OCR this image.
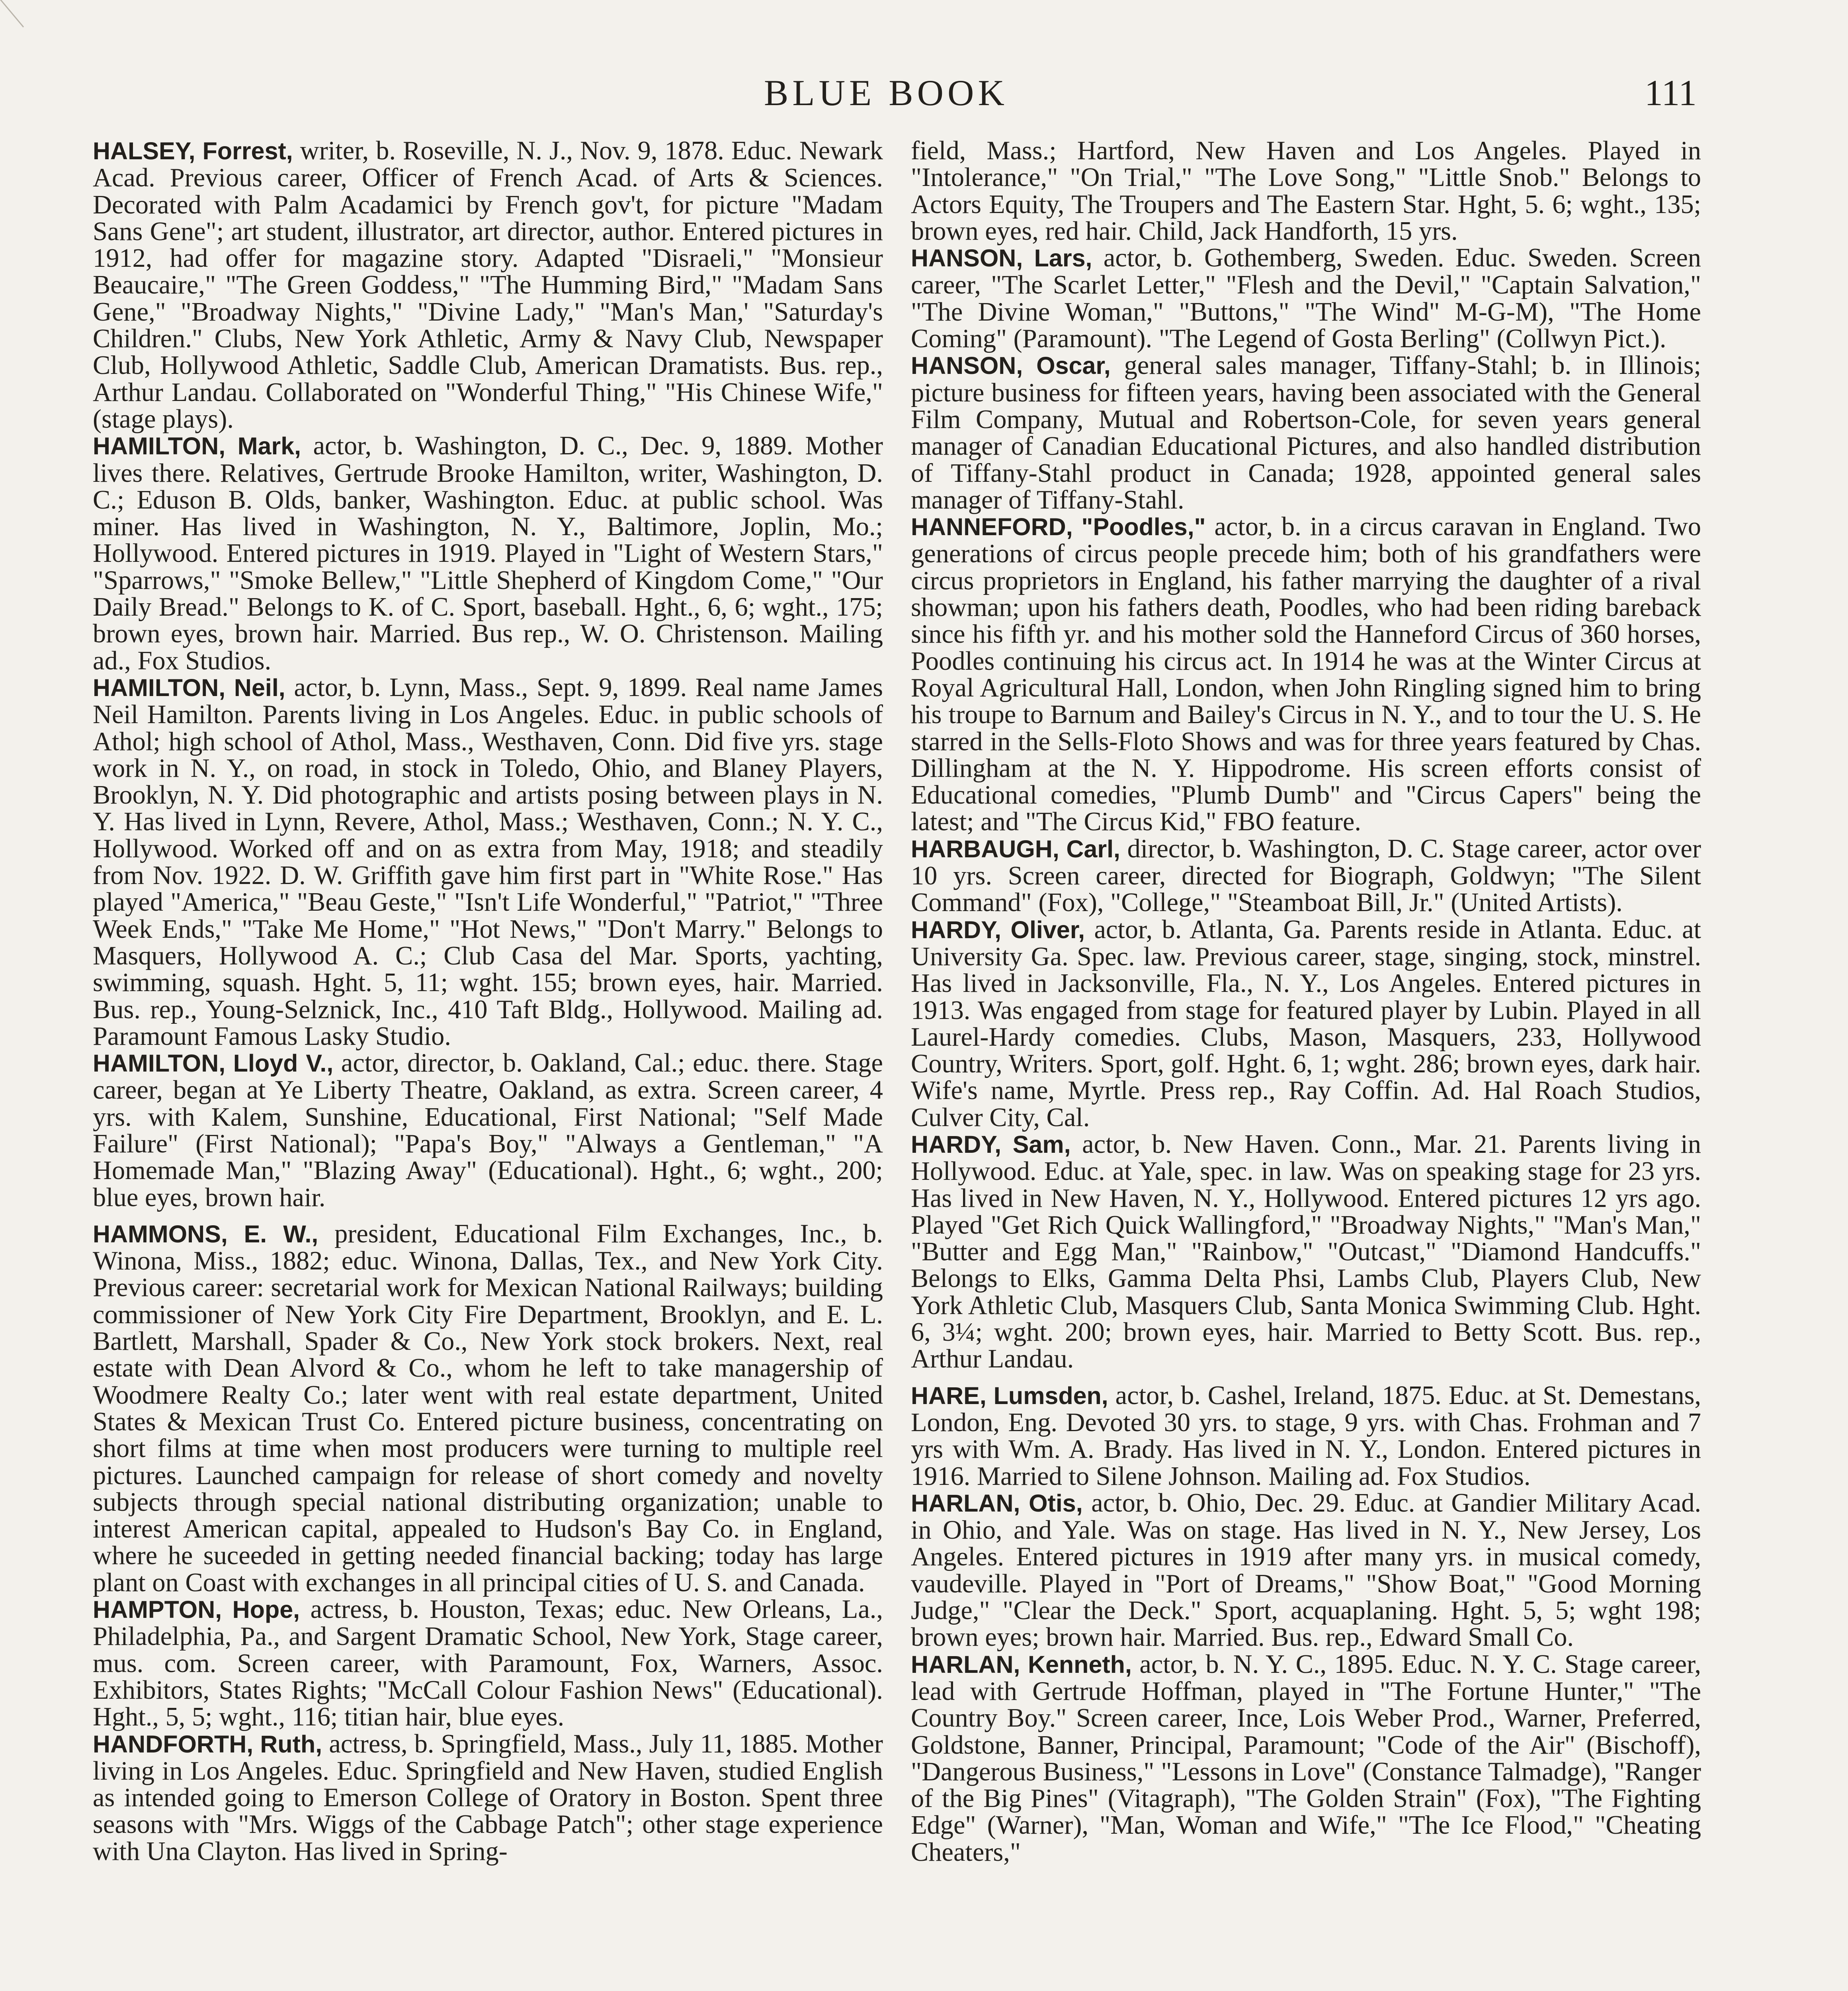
BLUE BOOK	111

HALSEY, Forrest, writer, b. Roseville, N. J., Nov. 9, 1878. Educ. Newark Acad. Previous career, Officer of French Acad. of Arts & Sciences. Decorated with Palm Acadamici by French gov't, for picture "Madam Sans Gene"; art student, illustrator, art director, author. Entered pictures in 1912, had offer for magazine story. Adapted "Disraeli," "Monsieur Beaucaire," "The Green Goddess," "The Humming Bird," "Madam Sans Gene," "Broadway Nights," "Divine Lady," "Man's Man,' "Saturday's Children." Clubs, New York Athletic, Army & Navy Club, Newspaper Club, Hollywood Athletic, Saddle Club, American Dramatists. Bus. rep., Arthur Landau. Collaborated on "Wonderful Thing," "His Chinese Wife," (stage plays).

HAMILTON, Mark, actor, b. Washington, D. C., Dec. 9, 1889. Mother lives there. Relatives, Gertrude Brooke Hamilton, writer, Washington, D. C.; Eduson B. Olds, banker, Washington. Educ. at public school. Was miner. Has lived in Washington, N. Y., Baltimore, Joplin, Mo.; Hollywood. Entered pictures in 1919. Played in "Light of Western Stars," "Sparrows," "Smoke Bellew," "Little Shepherd of Kingdom Come," "Our Daily Bread." Belongs to K. of C. Sport, baseball. Hght., 6, 6; wght., 175; brown eyes, brown hair. Married. Bus rep., W. O. Christenson. Mailing ad., Fox Studios.

HAMILTON, Neil, actor, b. Lynn, Mass., Sept. 9, 1899. Real name James Neil Hamilton. Parents living in Los Angeles. Educ. in public schools of Athol; high school of Athol, Mass., Westhaven, Conn. Did five yrs. stage work in N. Y., on road, in stock in Toledo, Ohio, and Blaney Players, Brooklyn, N. Y. Did photographic and artists posing between plays in N. Y. Has lived in Lynn, Revere, Athol, Mass.; Westhaven, Conn.; N. Y. C., Hollywood. Worked off and on as extra from May, 1918; and steadily from Nov. 1922. D. W. Griffith gave him first part in "White Rose." Has played "America," "Beau Geste," "Isn't Life Wonderful," "Patriot," "Three Week Ends," "Take Me Home," "Hot News," "Don't Marry." Belongs to Masquers, Hollywood A. C.; Club Casa del Mar. Sports, yachting, swimming, squash. Hght. 5, 11; wght. 155; brown eyes, hair. Married. Bus. rep., Young-Selznick, Inc., 410 Taft Bldg., Hollywood. Mailing ad. Paramount Famous Lasky Studio.

HAMILTON, Lloyd V., actor, director, b. Oakland, Cal.; educ. there. Stage career, began at Ye Liberty Theatre, Oakland, as extra. Screen career, 4 yrs. with Kalem, Sunshine, Educational, First National; "Self Made Failure" (First National); "Papa's Boy," "Always a Gentleman," "A Homemade Man," "Blazing Away" (Educational). Hght., 6; wght., 200; blue eyes, brown hair.

HAMMONS, E. W., president, Educational Film Exchanges, Inc., b. Winona, Miss., 1882; educ. Winona, Dallas, Tex., and New York City. Previous career: secretarial work for Mexican National Railways; building commissioner of New York City Fire Department, Brooklyn, and E. L. Bartlett, Marshall, Spader & Co., New York stock brokers. Next, real estate with Dean Alvord & Co., whom he left to take managership of Woodmere Realty Co.; later went with real estate department, United States & Mexican Trust Co. Entered picture business, concentrating on short films at time when most producers were turning to multiple reel pictures. Launched campaign for release of short comedy and novelty subjects through special national distributing organization; unable to interest American capital, appealed to Hudson's Bay Co. in England, where he suceeded in getting needed financial backing; today has large plant on Coast with exchanges in all principal cities of U. S. and Canada.

HAMPTON, Hope, actress, b. Houston, Texas; educ. New Orleans, La., Philadelphia, Pa., and Sargent Dramatic School, New York, Stage career, mus. com. Screen career, with Paramount, Fox, Warners, Assoc. Exhibitors, States Rights; "McCall Colour Fashion News" (Educational). Hght., 5, 5; wght., 116; titian hair, blue eyes.

HANDFORTH, Ruth, actress, b. Springfield, Mass., July 11, 1885. Mother living in Los Angeles. Educ. Springfield and New Haven, studied English as intended going to Emerson College of Oratory in Boston. Spent three seasons with "Mrs. Wiggs of the Cabbage Patch"; other stage experience with Una Clayton. Has lived in Spring-

field, Mass.; Hartford, New Haven and Los Angeles. Played in "Intolerance," "On Trial," "The Love Song," "Little Snob." Belongs to Actors Equity, The Troupers and The Eastern Star. Hght, 5. 6; wght., 135; brown eyes, red hair. Child, Jack Handforth, 15 yrs.

HANSON, Lars, actor, b. Gothemberg, Sweden. Educ. Sweden. Screen career, "The Scarlet Letter," "Flesh and the Devil," "Captain Salvation," "The Divine Woman," "Buttons," "The Wind" M-G-M), "The Home Coming" (Paramount). "The Legend of Gosta Berling" (Collwyn Pict.).

HANSON, Oscar, general sales manager, Tiffany-Stahl; b. in Illinois; picture business for fifteen years, having been associated with the General Film Company, Mutual and Robertson-Cole, for seven years general manager of Canadian Educational Pictures, and also handled distribution of Tiffany-Stahl product in Canada; 1928, appointed general sales manager of Tiffany-Stahl.

HANNEFORD, "Poodles," actor, b. in a circus caravan in England. Two generations of circus people precede him; both of his grandfathers were circus proprietors in England, his father marrying the daughter of a rival showman; upon his fathers death, Poodles, who had been riding bareback since his fifth yr. and his mother sold the Hanneford Circus of 360 horses, Poodles continuing his circus act. In 1914 he was at the Winter Circus at Royal Agricultural Hall, London, when John Ringling signed him to bring his troupe to Barnum and Bailey's Circus in N. Y., and to tour the U. S. He starred in the Sells-Floto Shows and was for three years featured by Chas. Dillingham at the N. Y. Hippodrome. His screen efforts consist of Educational comedies, "Plumb Dumb" and "Circus Capers" being the latest; and "The Circus Kid," FBO feature.

HARBAUGH, Carl, director, b. Washington, D. C. Stage career, actor over 10 yrs. Screen career, directed for Biograph, Goldwyn; "The Silent Command" (Fox), "College," "Steamboat Bill, Jr." (United Artists).

HARDY, Oliver, actor, b. Atlanta, Ga. Parents reside in Atlanta. Educ. at University Ga. Spec. law. Previous career, stage, singing, stock, minstrel. Has lived in Jacksonville, Fla., N. Y., Los Angeles. Entered pictures in 1913. Was engaged from stage for featured player by Lubin. Played in all Laurel-Hardy comedies. Clubs, Mason, Masquers, 233, Hollywood Country, Writers. Sport, golf. Hght. 6, 1; wght. 286; brown eyes, dark hair. Wife's name, Myrtle. Press rep., Ray Coffin. Ad. Hal Roach Studios, Culver City, Cal.

HARDY, Sam, actor, b. New Haven. Conn., Mar. 21. Parents living in Hollywood. Educ. at Yale, spec. in law. Was on speaking stage for 23 yrs. Has lived in New Haven, N. Y., Hollywood. Entered pictures 12 yrs ago. Played "Get Rich Quick Wallingford," "Broadway Nights," "Man's Man," "Butter and Egg Man," "Rainbow," "Outcast," "Diamond Handcuffs." Belongs to Elks, Gamma Delta Phsi, Lambs Club, Players Club, New York Athletic Club, Masquers Club, Santa Monica Swimming Club. Hght. 6, 3¼; wght. 200; brown eyes, hair. Married to Betty Scott. Bus. rep., Arthur Landau.

HARE, Lumsden, actor, b. Cashel, Ireland, 1875. Educ. at St. Demestans, London, Eng. Devoted 30 yrs. to stage, 9 yrs. with Chas. Frohman and 7 yrs with Wm. A. Brady. Has lived in N. Y., London. Entered pictures in 1916. Married to Silene Johnson. Mailing ad. Fox Studios.

HARLAN, Otis, actor, b. Ohio, Dec. 29. Educ. at Gandier Military Acad. in Ohio, and Yale. Was on stage. Has lived in N. Y., New Jersey, Los Angeles. Entered pictures in 1919 after many yrs. in musical comedy, vaudeville. Played in "Port of Dreams," "Show Boat," "Good Morning Judge," "Clear the Deck." Sport, acquaplaning. Hght. 5, 5; wght 198; brown eyes; brown hair. Married. Bus. rep., Edward Small Co.

HARLAN, Kenneth, actor, b. N. Y. C., 1895. Educ. N. Y. C. Stage career, lead with Gertrude Hoffman, played in "The Fortune Hunter," "The Country Boy." Screen career, Ince, Lois Weber Prod., Warner, Preferred, Goldstone, Banner, Principal, Paramount; "Code of the Air" (Bischoff), "Dangerous Business," "Lessons in Love" (Constance Talmadge), "Ranger of the Big Pines" (Vitagraph), "The Golden Strain" (Fox), "The Fighting Edge" (Warner), "Man, Woman and Wife," "The Ice Flood," "Cheating Cheaters,"
